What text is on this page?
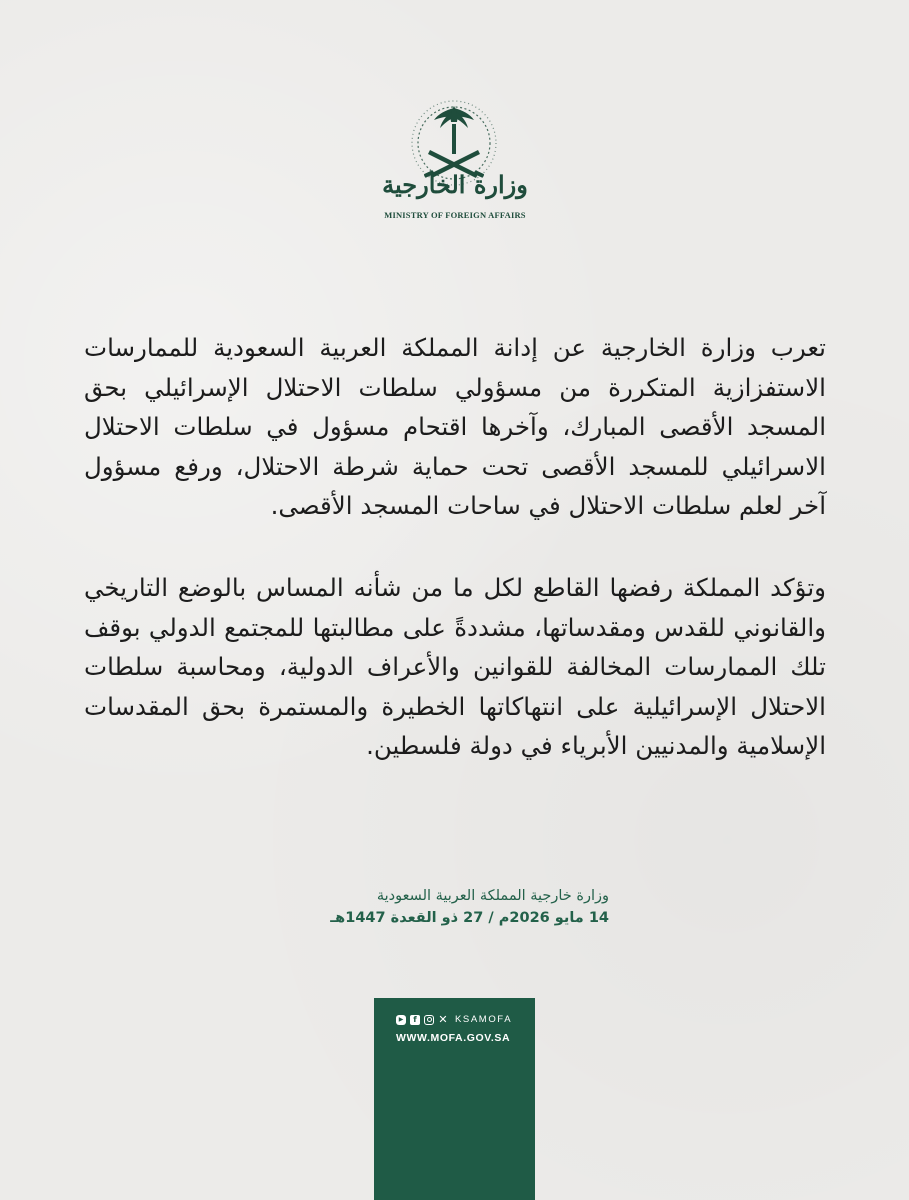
وزارة الخارجية
MINISTRY OF FOREIGN AFFAIRS

تعرب وزارة الخارجية عن إدانة المملكة العربية السعودية للممارسات الاستفزازية المتكررة من مسؤولي سلطات الاحتلال الإسرائيلي بحق المسجد الأقصى المبارك، وآخرها اقتحام مسؤول في سلطات الاحتلال الاسرائيلي للمسجد الأقصى تحت حماية شرطة الاحتلال، ورفع مسؤول آخر لعلم سلطات الاحتلال في ساحات المسجد الأقصى.

وتؤكد المملكة رفضها القاطع لكل ما من شأنه المساس بالوضع التاريخي والقانوني للقدس ومقدساتها، مشددةً على مطالبتها للمجتمع الدولي بوقف تلك الممارسات المخالفة للقوانين والأعراف الدولية، ومحاسبة سلطات الاحتلال الإسرائيلية على انتهاكاتها الخطيرة والمستمرة بحق المقدسات الإسلامية والمدنيين الأبرياء في دولة فلسطين.

وزارة خارجية المملكة العربية السعودية
14 مايو 2026م / 27 ذو القعدة 1447هـ
▶	f ✕ KSAMOFA
WWW.MOFA.GOV.SA
